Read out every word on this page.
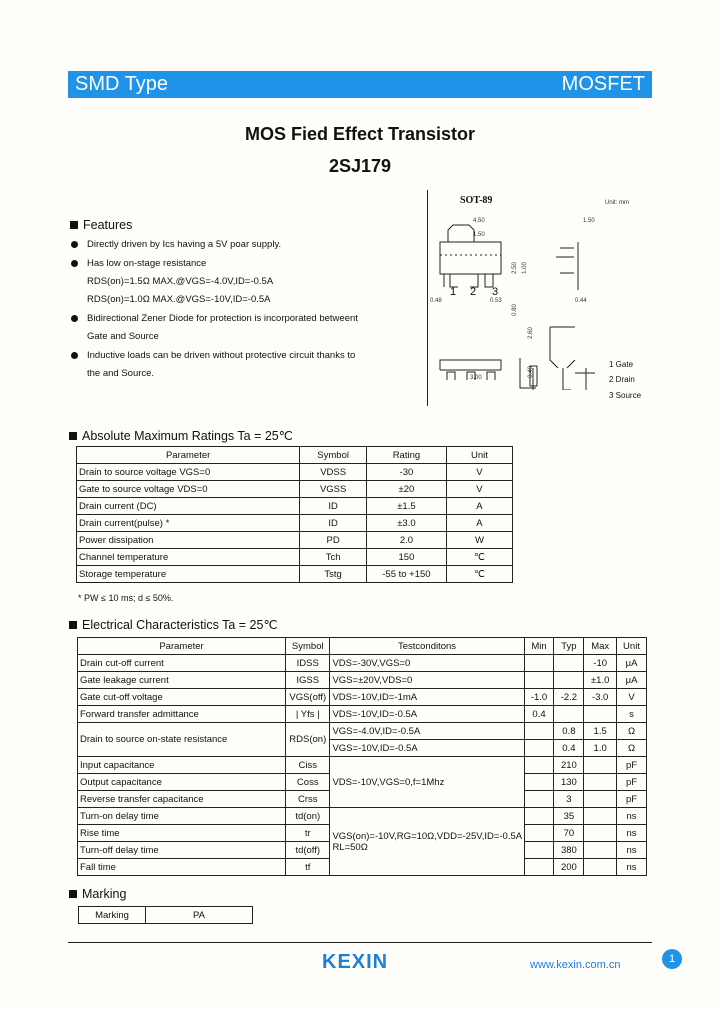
SMD Type	MOSFET
MOS Fied Effect Transistor
2SJ179
Features
Directly driven by Ics having a 5V poar supply.
Has low on-stage resistance
RDS(on)=1.5Ω MAX.@VGS=-4.0V,ID=-0.5A
RDS(on)=1.0Ω MAX.@VGS=-10V,ID=-0.5A
Bidirectional Zener Diode for protection is incorporated betweent
Gate and Source
Inductive loads can be driven without protective circuit thanks to
the and Source.
SOT-89	Unit: mm
4.50
1.50
1.50
2.50 1.00
0.48	0.53	0.44
0.80
2.60
3.00
0.40
1 2 3
1 Gate
2 Drain
3 Source
Absolute Maximum Ratings Ta = 25℃
Parameter	Symbol	Rating	Unit
Drain to source voltage VGS=0	VDSS	-30	V
Gate to source voltage VDS=0	VGSS	±20	V
Drain current (DC)	ID	±1.5	A
Drain current(pulse) *	ID	±3.0	A
Power dissipation	PD	2.0	W
Channel temperature	Tch	150	℃
Storage temperature	Tstg	-55 to +150	℃
* PW ≤ 10 ms; d ≤ 50%.
Electrical Characteristics Ta = 25℃
Parameter	Symbol	Testconditons	Min	Typ	Max	Unit
Drain cut-off current	IDSS	VDS=-30V,VGS=0			-10	μA
Gate leakage current	IGSS	VGS=±20V,VDS=0			±1.0	μA
Gate cut-off voltage	VGS(off)	VDS=-10V,ID=-1mA	-1.0	-2.2	-3.0	V
Forward transfer admittance	| Yfs |	VDS=-10V,ID=-0.5A	0.4			s
Drain to source on-state resistance	RDS(on)	VGS=-4.0V,ID=-0.5A		0.8	1.5	Ω
		VGS=-10V,ID=-0.5A		0.4	1.0	Ω
Input capacitance	Ciss	VDS=-10V,VGS=0,f=1Mhz		210		pF
Output capacitance	Coss			130		pF
Reverse transfer capacitance	Crss			3		pF
Turn-on delay time	td(on)	VGS(on)=-10V,RG=10Ω,VDD=-25V,ID=-0.5A RL=50Ω		35		ns
Rise time	tr			70		ns
Turn-off delay time	td(off)			380		ns
Fall time	tf			200		ns
Marking
Marking	PA
KEXIN	www.kexin.com.cn	1
